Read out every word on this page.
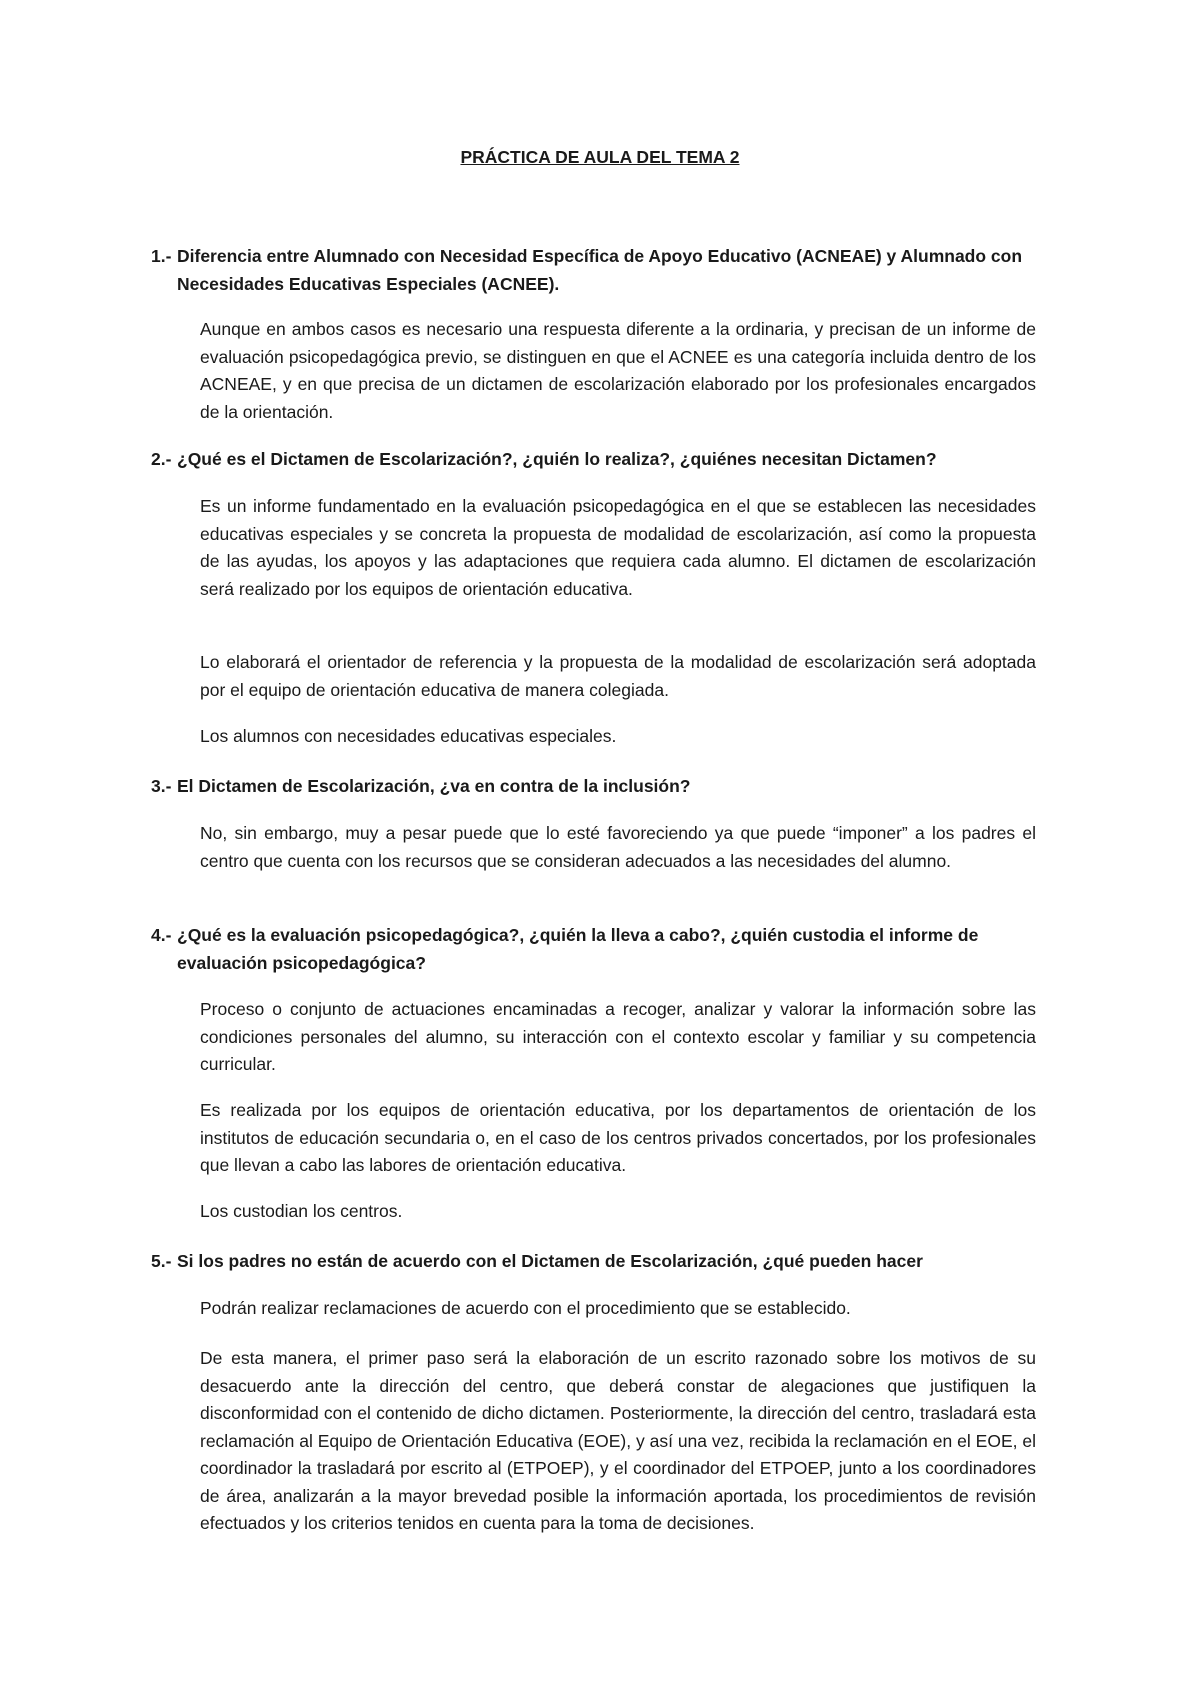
PRÁCTICA DE AULA DEL TEMA 2
1.- Diferencia entre Alumnado con Necesidad Específica de Apoyo Educativo (ACNEAE) y Alumnado con Necesidades Educativas Especiales (ACNEE).
Aunque en ambos casos es necesario una respuesta diferente a la ordinaria, y precisan de un informe de evaluación psicopedagógica previo, se distinguen en que el ACNEE es una categoría incluida dentro de los ACNEAE, y en que precisa de un dictamen de escolarización elaborado por los profesionales encargados de la orientación.
2.- ¿Qué es el Dictamen de Escolarización?, ¿quién lo realiza?, ¿quiénes necesitan Dictamen?
Es un informe fundamentado en la evaluación psicopedagógica en el que se establecen las necesidades educativas especiales y se concreta la propuesta de modalidad de escolarización, así como la propuesta de las ayudas, los apoyos y las adaptaciones que requiera cada alumno. El dictamen de escolarización será realizado por los equipos de orientación educativa.
Lo elaborará el orientador de referencia y la propuesta de la modalidad de escolarización será adoptada por el equipo de orientación educativa de manera colegiada.
Los alumnos con necesidades educativas especiales.
3.- El Dictamen de Escolarización, ¿va en contra de la inclusión?
No, sin embargo, muy a pesar puede que lo esté favoreciendo ya que puede “imponer” a los padres el centro que cuenta con los recursos que se consideran adecuados a las necesidades del alumno.
4.- ¿Qué es la evaluación psicopedagógica?, ¿quién la lleva a cabo?, ¿quién custodia el informe de evaluación psicopedagógica?
Proceso o conjunto de actuaciones encaminadas a recoger, analizar y valorar la información sobre las condiciones personales del alumno, su interacción con el contexto escolar y familiar y su competencia curricular.
Es realizada por los equipos de orientación educativa, por los departamentos de orientación de los institutos de educación secundaria o, en el caso de los centros privados concertados, por los profesionales que llevan a cabo las labores de orientación educativa.
Los custodian los centros.
5.- Si los padres no están de acuerdo con el Dictamen de Escolarización, ¿qué pueden hacer
Podrán realizar reclamaciones de acuerdo con el procedimiento que se establecido.
De esta manera, el primer paso será la elaboración de un escrito razonado sobre los motivos de su desacuerdo ante la dirección del centro, que deberá constar de alegaciones que justifiquen la disconformidad con el contenido de dicho dictamen. Posteriormente, la dirección del centro, trasladará esta reclamación al Equipo de Orientación Educativa (EOE), y así una vez, recibida la reclamación en el EOE, el coordinador la trasladará por escrito al (ETPOEP), y el coordinador del ETPOEP, junto a los coordinadores de área, analizarán a la mayor brevedad posible la información aportada, los procedimientos de revisión efectuados y los criterios tenidos en cuenta para la toma de decisiones.
